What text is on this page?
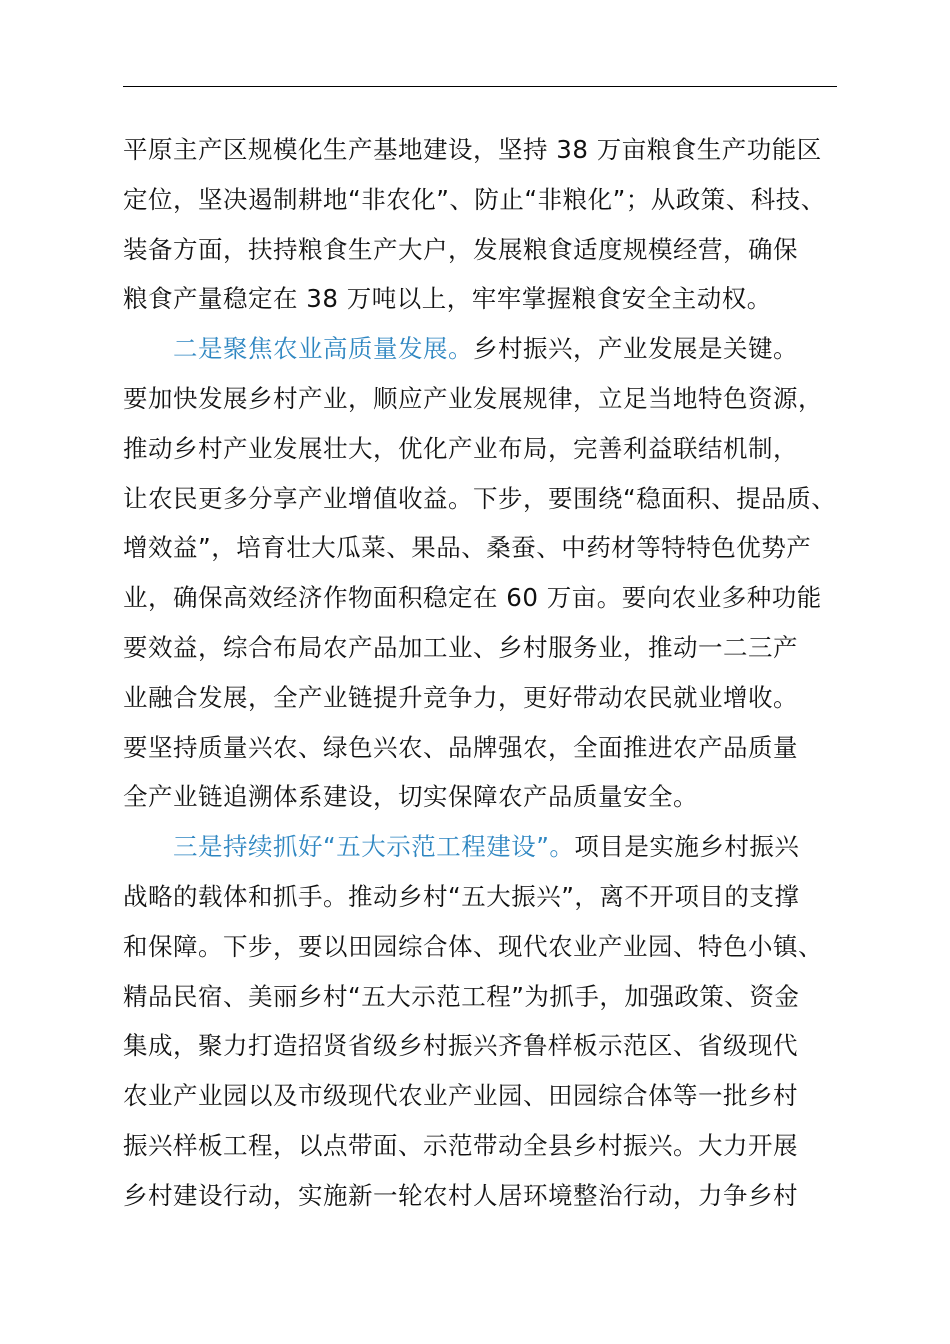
平原主产区规模化生产基地建设，坚持 38 万亩粮食生产功能区
定位，坚决遏制耕地“非农化”、防止“非粮化”；从政策、科技、
装备方面，扶持粮食生产大户，发展粮食适度规模经营，确保
粮食产量稳定在 38 万吨以上，牢牢掌握粮食安全主动权。
二是聚焦农业高质量发展。乡村振兴，产业发展是关键。
要加快发展乡村产业，顺应产业发展规律，立足当地特色资源，
推动乡村产业发展壮大，优化产业布局，完善利益联结机制，
让农民更多分享产业增值收益。下步，要围绕“稳面积、提品质、
增效益”，培育壮大瓜菜、果品、桑蚕、中药材等特特色优势产
业，确保高效经济作物面积稳定在 60 万亩。要向农业多种功能
要效益，综合布局农产品加工业、乡村服务业，推动一二三产
业融合发展，全产业链提升竞争力，更好带动农民就业增收。
要坚持质量兴农、绿色兴农、品牌强农，全面推进农产品质量
全产业链追溯体系建设，切实保障农产品质量安全。
三是持续抓好“五大示范工程建设”。项目是实施乡村振兴
战略的载体和抓手。推动乡村“五大振兴”，离不开项目的支撑
和保障。下步，要以田园综合体、现代农业产业园、特色小镇、
精品民宿、美丽乡村“五大示范工程”为抓手，加强政策、资金
集成，聚力打造招贤省级乡村振兴齐鲁样板示范区、省级现代
农业产业园以及市级现代农业产业园、田园综合体等一批乡村
振兴样板工程，以点带面、示范带动全县乡村振兴。大力开展
乡村建设行动，实施新一轮农村人居环境整治行动，力争乡村
